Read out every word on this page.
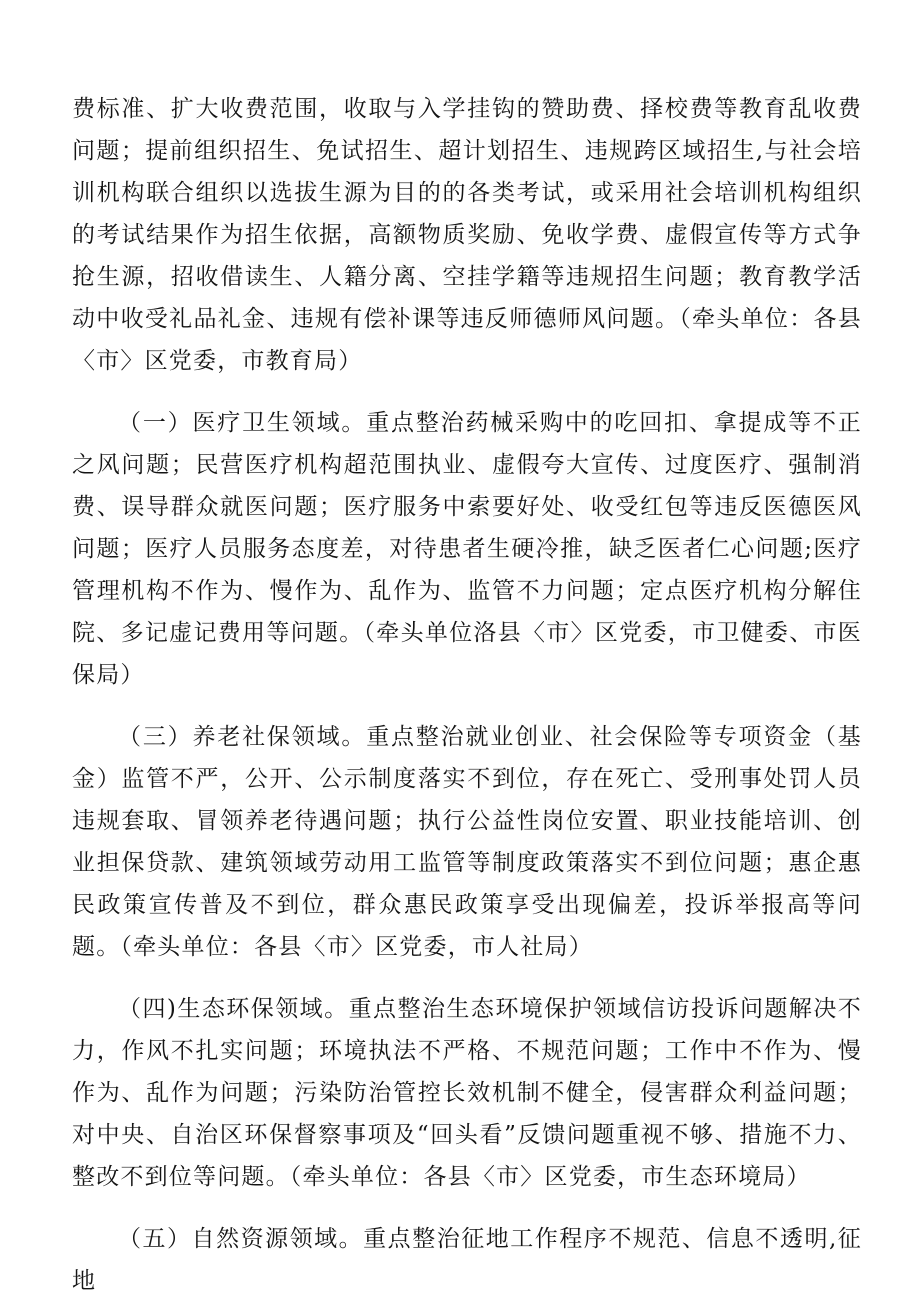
费标准、扩大收费范围，收取与入学挂钩的赞助费、择校费等教育乱收费问题；提前组织招生、免试招生、超计划招生、违规跨区域招生,与社会培训机构联合组织以选拔生源为目的的各类考试，或采用社会培训机构组织的考试结果作为招生依据，高额物质奖励、免收学费、虚假宣传等方式争抢生源，招收借读生、人籍分离、空挂学籍等违规招生问题；教育教学活动中收受礼品礼金、违规有偿补课等违反师德师风问题。（牵头单位：各县〈市〉区党委，市教育局）

（一）医疗卫生领域。重点整治药械采购中的吃回扣、拿提成等不正之风问题；民营医疗机构超范围执业、虚假夸大宣传、过度医疗、强制消费、误导群众就医问题；医疗服务中索要好处、收受红包等违反医德医风问题；医疗人员服务态度差，对待患者生硬冷推，缺乏医者仁心问题;医疗管理机构不作为、慢作为、乱作为、监管不力问题；定点医疗机构分解住院、多记虚记费用等问题。（牵头单位洛县〈市〉区党委，市卫健委、市医保局）

（三）养老社保领域。重点整治就业创业、社会保险等专项资金（基金）监管不严，公开、公示制度落实不到位，存在死亡、受刑事处罚人员违规套取、冒领养老待遇问题；执行公益性岗位安置、职业技能培训、创业担保贷款、建筑领域劳动用工监管等制度政策落实不到位问题；惠企惠民政策宣传普及不到位，群众惠民政策享受出现偏差，投诉举报高等问题。（牵头单位：各县〈市〉区党委，市人社局）

（四)生态环保领域。重点整治生态环境保护领域信访投诉问题解决不力，作风不扎实问题；环境执法不严格、不规范问题；工作中不作为、慢作为、乱作为问题；污染防治管控长效机制不健全，侵害群众利益问题；对中央、自治区环保督察事项及“回头看”反馈问题重视不够、措施不力、整改不到位等问题。（牵头单位：各县〈市〉区党委，市生态环境局）

（五）自然资源领域。重点整治征地工作程序不规范、信息不透明,征地
